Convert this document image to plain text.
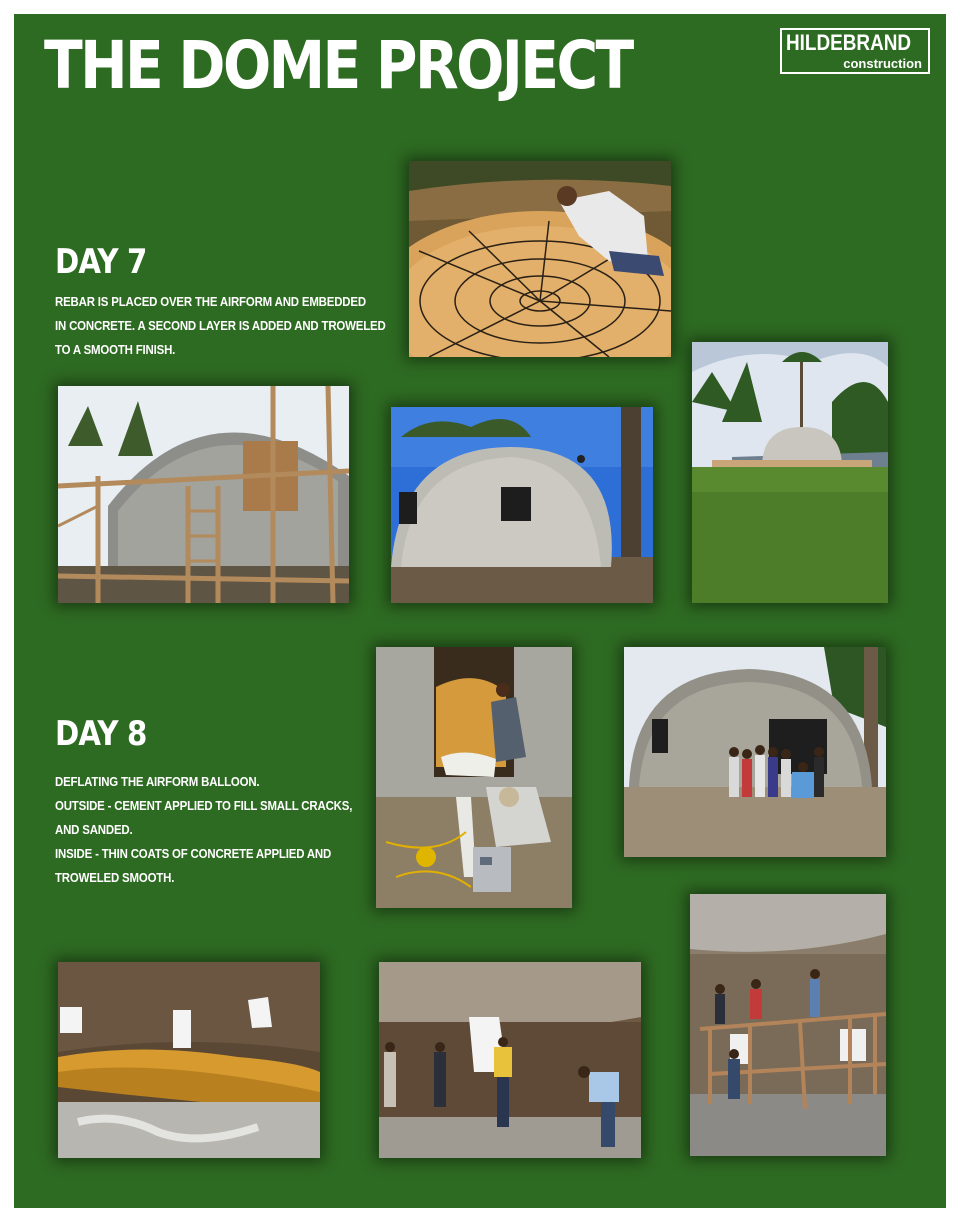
THE DOME PROJECT	HILDEBRAND
construction
DAY 7
REBAR IS PLACED OVER THE AIRFORM AND EMBEDDED
IN CONCRETE. A SECOND LAYER IS ADDED AND TROWELED
TO A SMOOTH FINISH.
DAY 8
DEFLATING THE AIRFORM BALLOON.
OUTSIDE - CEMENT APPLIED TO FILL SMALL CRACKS,
AND SANDED.
INSIDE - THIN COATS OF CONCRETE APPLIED AND
TROWELED SMOOTH.
